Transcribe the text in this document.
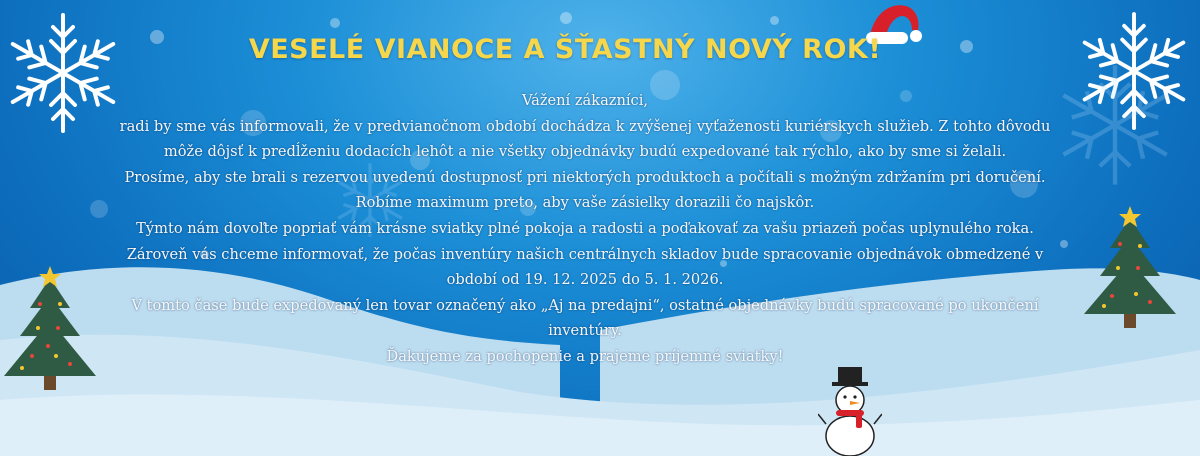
VESELÉ VIANOCE A ŠŤASTNÝ NOVÝ ROK!

Vážení zákazníci,

radi by sme vás informovali, že v predvianočnom období dochádza k zvýšenej vyťaženosti kuriérskych služieb. Z tohto dôvodu môže dôjsť k predĺženiu dodacích lehôt a nie všetky objednávky budú expedované tak rýchlo, ako by sme si želali.

Prosíme, aby ste brali s rezervou uvedenú dostupnosť pri niektorých produktoch a počítali s možným zdržaním pri doručení. Robíme maximum preto, aby vaše zásielky dorazili čo najskôr.

Týmto nám dovoľte popriať vám krásne sviatky plné pokoja a radosti a poďakovať za vašu priazeň počas uplynulého roka.

Zároveň vás chceme informovať, že počas inventúry našich centrálnych skladov bude spracovanie objednávok obmedzené v období od 19. 12. 2025 do 5. 1. 2026.

V tomto čase bude expedovaný len tovar označený ako „Aj na predajni“, ostatné objednávky budú spracované po ukončení inventúry.

Ďakujeme za pochopenie a prajeme príjemné sviatky!
